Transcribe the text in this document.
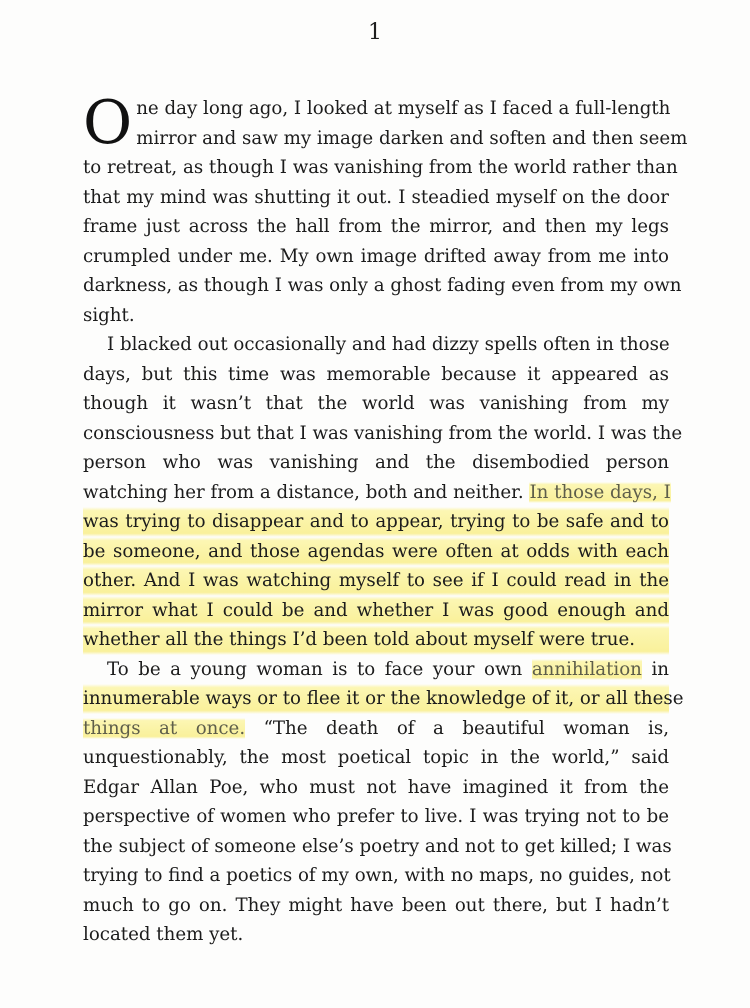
1
O ne day long ago, I looked at myself as I faced a full-length
mirror and saw my image darken and soften and then seem
to retreat, as though I was vanishing from the world rather than
that my mind was shutting it out. I steadied myself on the door
frame just across the hall from the mirror, and then my legs
crumpled under me. My own image drifted away from me into
darkness, as though I was only a ghost fading even from my own
sight.
I blacked out occasionally and had dizzy spells often in those
days, but this time was memorable because it appeared as
though it wasn’t that the world was vanishing from my
consciousness but that I was vanishing from the world. I was the
person who was vanishing and the disembodied person
watching her from a distance, both and neither. In those days, I
was trying to disappear and to appear, trying to be safe and to
be someone, and those agendas were often at odds with each
other. And I was watching myself to see if I could read in the
mirror what I could be and whether I was good enough and
whether all the things I’d been told about myself were true.
To be a young woman is to face your own annihilation in
innumerable ways or to flee it or the knowledge of it, or all these
things at once. “The death of a beautiful woman is,
unquestionably, the most poetical topic in the world,” said
Edgar Allan Poe, who must not have imagined it from the
perspective of women who prefer to live. I was trying not to be
the subject of someone else’s poetry and not to get killed; I was
trying to find a poetics of my own, with no maps, no guides, not
much to go on. They might have been out there, but I hadn’t
located them yet.
